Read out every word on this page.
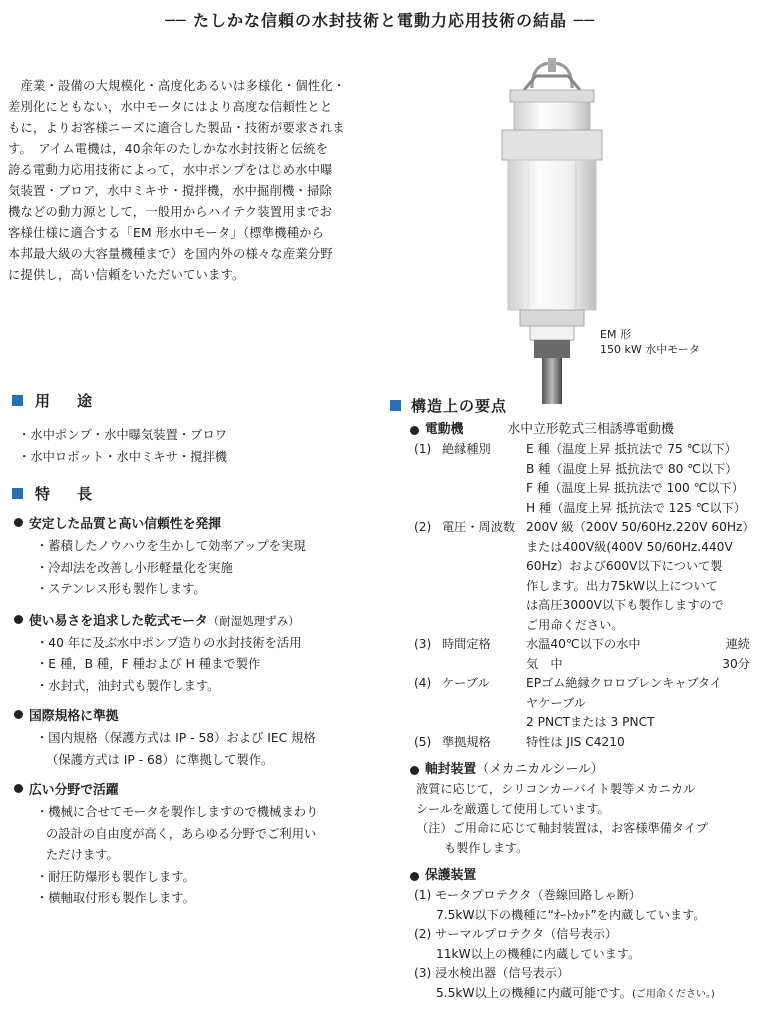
── たしかな信頼の水封技術と電動力応用技術の結晶 ──

　産業・設備の大規模化・高度化あるいは多様化・個性化・

差別化にともない，水中モータにはより高度な信頼性とと

もに，よりお客様ニーズに適合した製品・技術が要求されま

す。　アイム電機は，40余年のたしかな水封技術と伝統を

誇る電動力応用技術によって，水中ポンプをはじめ水中曝

気装置・ブロア，水中ミキサ・撹拌機，水中掘削機・掃除

機などの動力源として，一般用からハイテク装置用までお

客様仕様に適合する「EM 形水中モータ」（標準機種から

本邦最大級の大容量機種まで）を国内外の様々な産業分野

に提供し，高い信頼をいただいています。

EM 形
150 kW 水中モータ
用　途
・水中ポンプ・水中曝気装置・ブロワ
・水中ロボット・水中ミキサ・撹拌機
特　長
安定した品質と高い信頼性を発揮
・蓄積したノウハウを生かして効率アップを実現
・冷却法を改善し小形軽量化を実施
・ステンレス形も製作します。
使い易さを追求した乾式モータ（耐湿処理ずみ）
・40 年に及ぶ水中ポンプ造りの水封技術を活用
・E 種，B 種，F 種および H 種まで製作
・水封式，油封式も製作します。
国際規格に準拠
・国内規格（保護方式は IP - 58）および IEC 規格
（保護方式は IP - 68）に準拠して製作。
広い分野で活躍
・機械に合せてモータを製作しますので機械まわり
の設計の自由度が高く，あらゆる分野でご利用い
ただけます。
・耐圧防爆形も製作します。
・横軸取付形も製作します。
構造上の要点
電動機	水中立形乾式三相誘導電動機
(1) 絶縁種別	E 種（温度上昇 抵抗法で 75 ℃以下）
B 種（温度上昇 抵抗法で 80 ℃以下）
F 種（温度上昇 抵抗法で 100 ℃以下）
H 種（温度上昇 抵抗法で 125 ℃以下）
(2) 電圧・周波数 200V 級（200V 50/60Hz.220V 60Hz）
または400V級(400V 50/60Hz.440V
60Hz）および600V以下について製
作します。出力75kW以上について
は高圧3000V以下も製作しますので
ご用命ください。
(3) 時間定格	水温40℃以下の水中	連続
気　中	30分
(4) ケーブル	EPゴム絶縁クロロプレンキャブタイ
ヤケーブル
2 PNCTまたは 3 PNCT
(5) 準拠規格	特性は JIS C4210
軸封装置 （メカニカルシール）
液質に応じて，シリコンカーバイト製等メカニカル
シールを厳選して使用しています。
（注）ご用命に応じて軸封装置は，お客様準備タイプ
も製作します。
保護装置
(1) モータプロテクタ（巻線回路しゃ断）
7.5kW以下の機種に“ｵｰﾄｶｯﾄ”を内蔵しています。
(2) サーマルプロテクタ（信号表示）
11kW以上の機種に内蔵しています。
(3) 浸水検出器（信号表示）
5.5kW以上の機種に内蔵可能です。(ご用命ください。)
